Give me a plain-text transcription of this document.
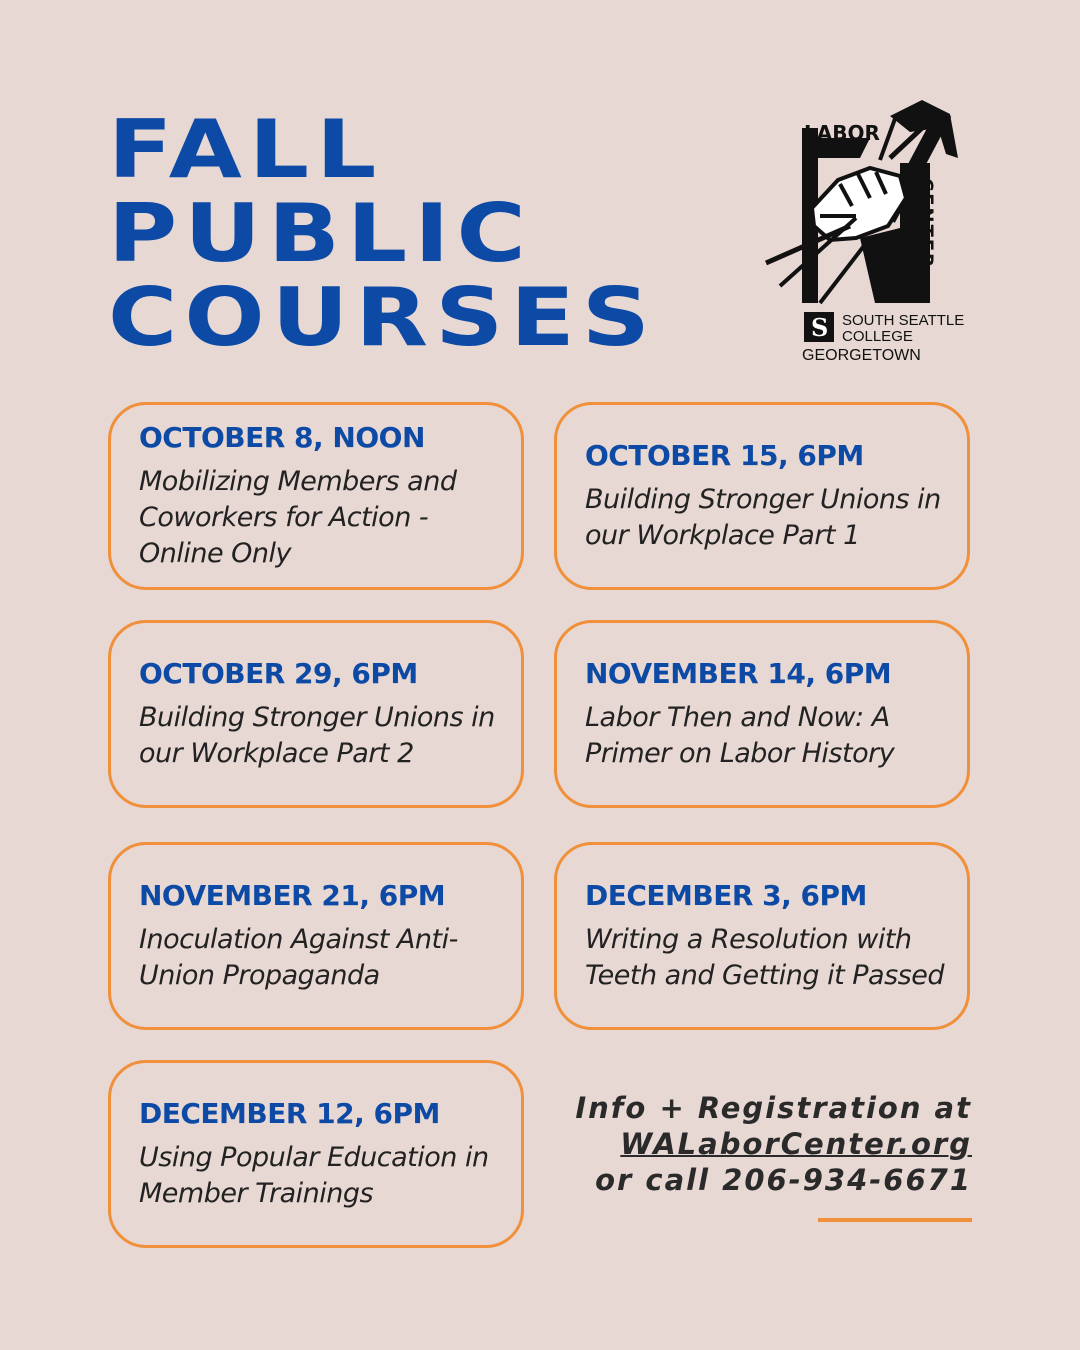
FALL
PUBLIC
COURSES
LABOR
CENTER
S SOUTH SEATTLE
COLLEGE
GEORGETOWN
OCTOBER 8, NOON
Mobilizing Members and Coworkers for Action - Online Only
OCTOBER 15, 6PM
Building Stronger Unions in our Workplace Part 1
OCTOBER 29, 6PM
Building Stronger Unions in our Workplace Part 2
NOVEMBER 14, 6PM
Labor Then and Now: A Primer on Labor History
NOVEMBER 21, 6PM
Inoculation Against Anti-Union Propaganda
DECEMBER 3, 6PM
Writing a Resolution with Teeth and Getting it Passed
DECEMBER 12, 6PM
Using Popular Education in Member Trainings
Info + Registration at
WALaborCenter.org
or call 206-934-6671
